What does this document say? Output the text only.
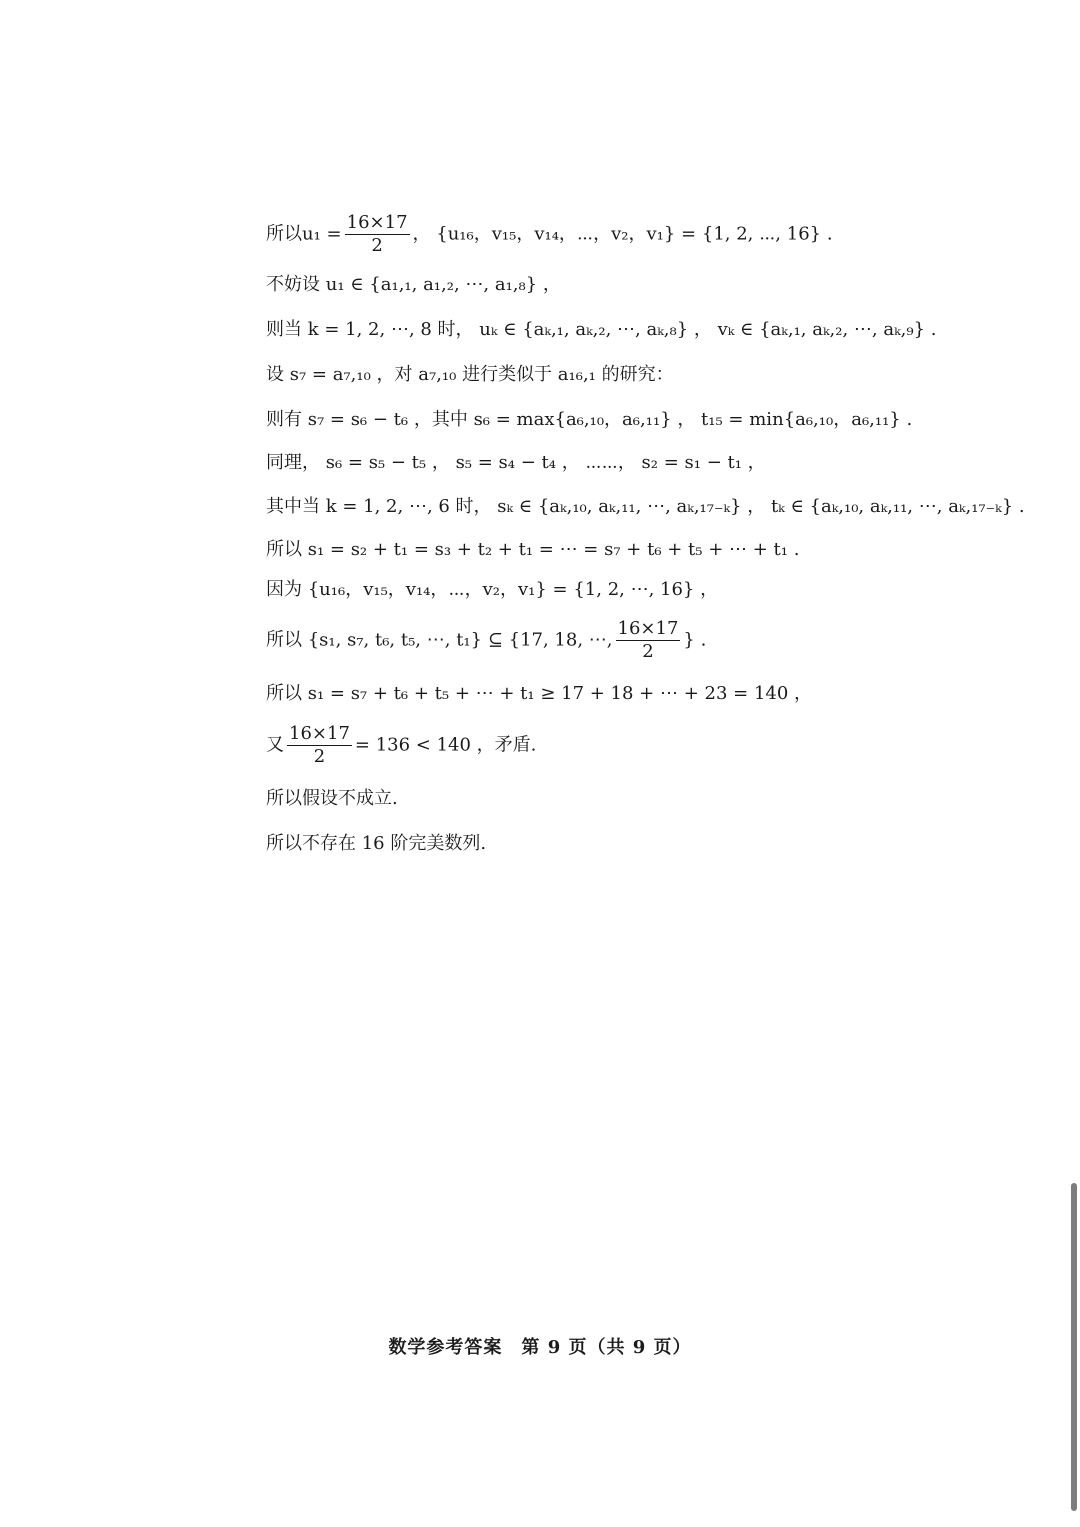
所以$u_1 = \frac{16\times 17}{2}$ ， {u₁₆，v₁₅，v₁₄，⋯，v₂，v₁} = {1, 2, ⋯, 16} .
不妨设 u₁ ∈ {a₁,₁, a₁,₂, ⋯, a₁,₈} ，
则当 k = 1, 2, ⋯, 8 时， uₖ ∈ {aₖ,₁, aₖ,₂, ⋯, aₖ,₈} ， vₖ ∈ {aₖ,₁, aₖ,₂, ⋯, aₖ,₉} .
设 s₇ = a₇,₁₀ ，对 a₇,₁₀ 进行类似于 a₁₆,₁ 的研究：
则有 s₇ = s₆ − t₆ ，其中 s₆ = max{a₆,₁₀，a₆,₁₁} ， t₁₅ = min{a₆,₁₀，a₆,₁₁} .
同理， s₆ = s₅ − t₅ ， s₅ = s₄ − t₄ ， ⋯⋯， s₂ = s₁ − t₁ ，
其中当 k = 1, 2, ⋯, 6 时， sₖ ∈ {aₖ,₁₀, aₖ,₁₁, ⋯, aₖ,₁₇₋ₖ} ， tₖ ∈ {aₖ,₁₀, aₖ,₁₁, ⋯, aₖ,₁₇₋ₖ} .
所以 s₁ = s₂ + t₁ = s₃ + t₂ + t₁ = ⋯ = s₇ + t₆ + t₅ + ⋯ + t₁ .
因为 {u₁₆，v₁₅，v₁₄，⋯，v₂，v₁} = {1, 2, ⋯, 16} ，
所以 {s₁, s₇, t₆, t₅, ⋯, t₁} ⊆ {17, 18, ⋯, $\frac{16\times 17}{2}$ } .
所以 s₁ = s₇ + t₆ + t₅ + ⋯ + t₁ ≥ 17 + 18 + ⋯ + 23 = 140 ，
又 $\frac{16\times 17}{2} = 136 < 140$ ，矛盾.
所以假设不成立.
所以不存在 16 阶完美数列.
数学参考答案　第 9 页（共 9 页）
